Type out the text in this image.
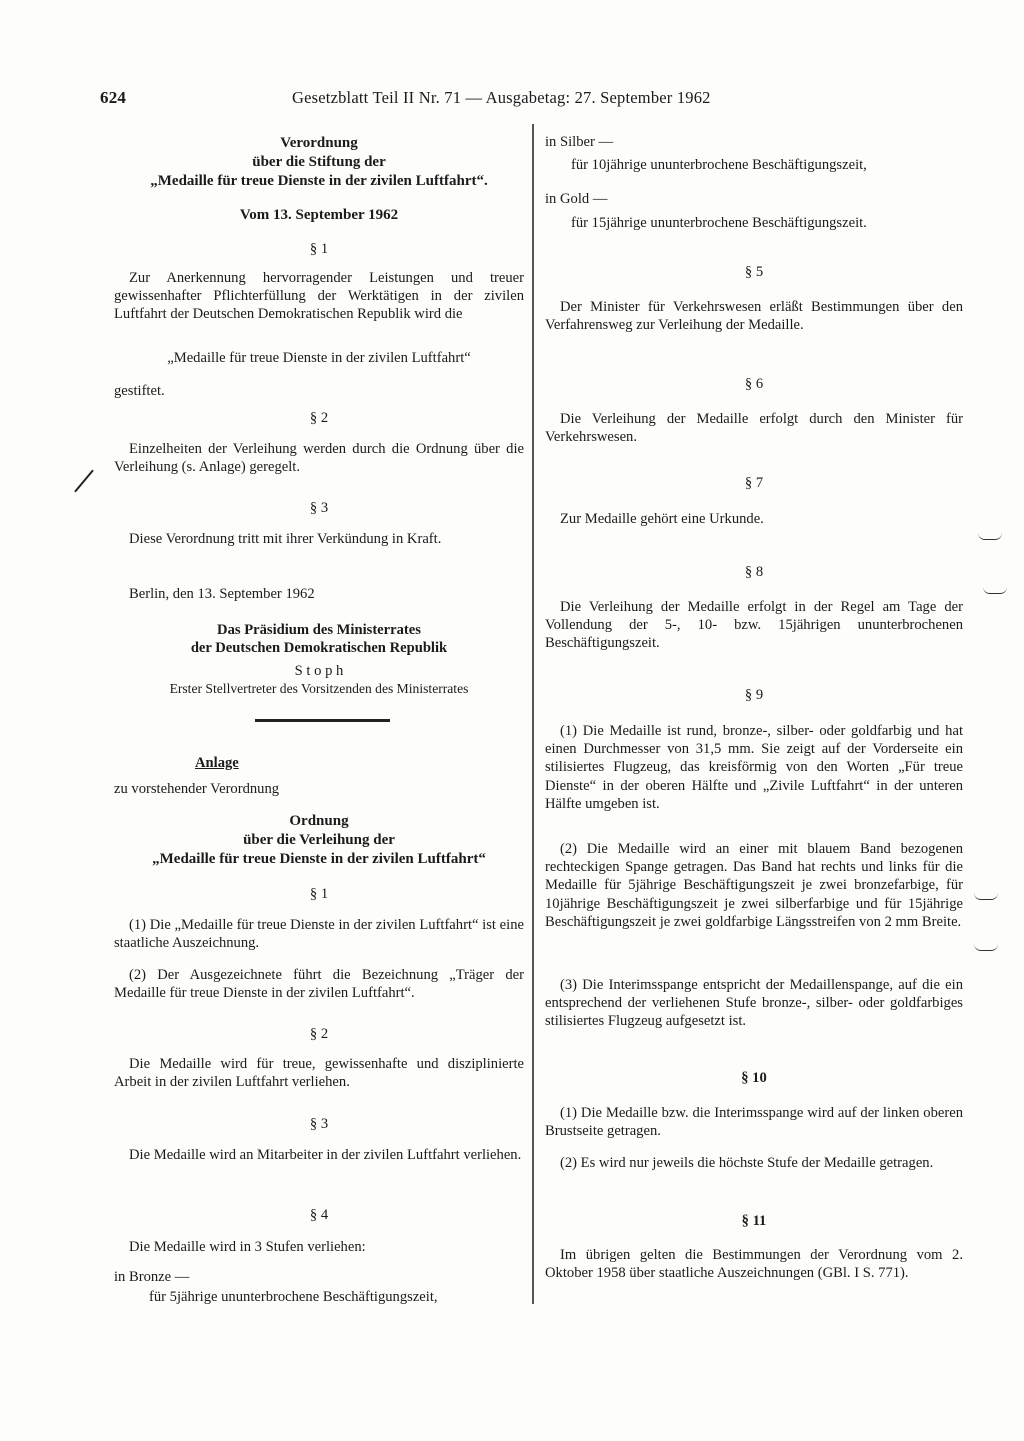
624	Gesetzblatt Teil II Nr. 71 — Ausgabetag: 27. September 1962
Verordnung
über die Stiftung der
„Medaille für treue Dienste in der zivilen Luftfahrt“.
Vom 13. September 1962
§ 1
Zur Anerkennung hervorragender Leistungen und treuer gewissenhafter Pflichterfüllung der Werktätigen in der zivilen Luftfahrt der Deutschen Demokratischen Republik wird die
„Medaille für treue Dienste in der zivilen Luftfahrt“
gestiftet.
§ 2
Einzelheiten der Verleihung werden durch die Ordnung über die Verleihung (s. Anlage) geregelt.
§ 3
Diese Verordnung tritt mit ihrer Verkündung in Kraft.
Berlin, den 13. September 1962
Das Präsidium des Ministerrates
der Deutschen Demokratischen Republik
S t o p h
Erster Stellvertreter des Vorsitzenden des Ministerrates
Anlage
zu vorstehender Verordnung
Ordnung
über die Verleihung der
„Medaille für treue Dienste in der zivilen Luftfahrt“
§ 1
(1) Die „Medaille für treue Dienste in der zivilen Luftfahrt“ ist eine staatliche Auszeichnung.
(2) Der Ausgezeichnete führt die Bezeichnung „Träger der Medaille für treue Dienste in der zivilen Luftfahrt“.
§ 2
Die Medaille wird für treue, gewissenhafte und disziplinierte Arbeit in der zivilen Luftfahrt verliehen.
§ 3
Die Medaille wird an Mitarbeiter in der zivilen Luftfahrt verliehen.
§ 4
Die Medaille wird in 3 Stufen verliehen:
in Bronze —
für 5jährige ununterbrochene Beschäftigungszeit,
in Silber —
für 10jährige ununterbrochene Beschäftigungszeit,
in Gold —
für 15jährige ununterbrochene Beschäftigungszeit.
§ 5
Der Minister für Verkehrswesen erläßt Bestimmungen über den Verfahrensweg zur Verleihung der Medaille.
§ 6
Die Verleihung der Medaille erfolgt durch den Minister für Verkehrswesen.
§ 7
Zur Medaille gehört eine Urkunde.
§ 8
Die Verleihung der Medaille erfolgt in der Regel am Tage der Vollendung der 5-, 10- bzw. 15jährigen ununterbrochenen Beschäftigungszeit.
§ 9
(1) Die Medaille ist rund, bronze-, silber- oder goldfarbig und hat einen Durchmesser von 31,5 mm. Sie zeigt auf der Vorderseite ein stilisiertes Flugzeug, das kreisförmig von den Worten „Für treue Dienste“ in der oberen Hälfte und „Zivile Luftfahrt“ in der unteren Hälfte umgeben ist.
(2) Die Medaille wird an einer mit blauem Band bezogenen rechteckigen Spange getragen. Das Band hat rechts und links für die Medaille für 5jährige Beschäftigungszeit je zwei bronzefarbige, für 10jährige Beschäftigungszeit je zwei silberfarbige und für 15jährige Beschäftigungszeit je zwei goldfarbige Längsstreifen von 2 mm Breite.
(3) Die Interimsspange entspricht der Medaillenspange, auf die ein entsprechend der verliehenen Stufe bronze-, silber- oder goldfarbiges stilisiertes Flugzeug aufgesetzt ist.
§ 10
(1) Die Medaille bzw. die Interimsspange wird auf der linken oberen Brustseite getragen.
(2) Es wird nur jeweils die höchste Stufe der Medaille getragen.
§ 11
Im übrigen gelten die Bestimmungen der Verordnung vom 2. Oktober 1958 über staatliche Auszeichnungen (GBl. I S. 771).
